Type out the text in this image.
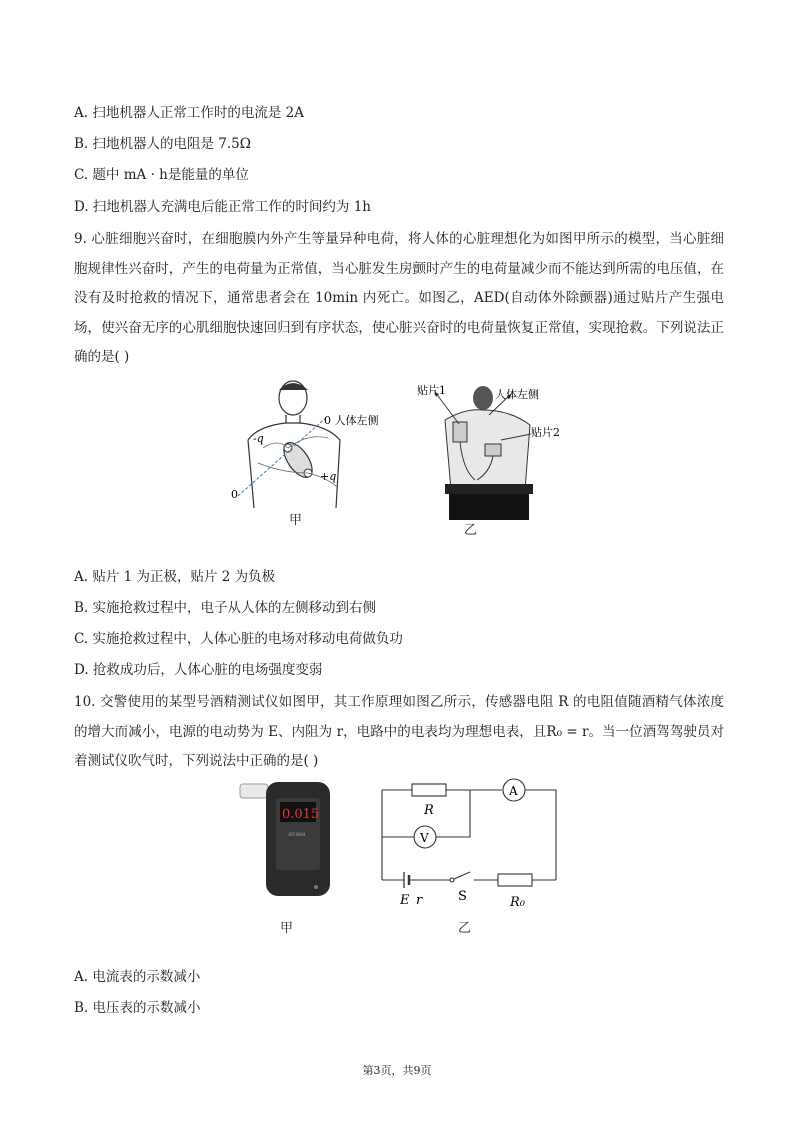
A. 扫地机器人正常工作时的电流是 2A
B. 扫地机器人的电阻是 7.5Ω
C. 题中 mA · h是能量的单位
D. 扫地机器人充满电后能正常工作的时间约为 1h
9. 心脏细胞兴奋时，在细胞膜内外产生等量异种电荷，将人体的心脏理想化为如图甲所示的模型，当心脏细胞规律性兴奋时，产生的电荷量为正常值，当心脏发生房颤时产生的电荷量减少而不能达到所需的电压值，在没有及时抢救的情况下，通常患者会在 10min 内死亡。如图乙，AED(自动体外除颤器)通过贴片产生强电场，使兴奋无序的心肌细胞快速回归到有序状态，使心脏兴奋时的电荷量恢复正常值，实现抢救。下列说法正确的是( )
0 人体左侧
0
-q
+q
甲
贴片1	人体左侧
贴片2
乙
A. 贴片 1 为正极，贴片 2 为负极
B. 实施抢救过程中，电子从人体的左侧移动到右侧
C. 实施抢救过程中，人体心脏的电场对移动电荷做负功
D. 抢救成功后，人体心脏的电场强度变弱
10. 交警使用的某型号酒精测试仪如图甲，其工作原理如图乙所示，传感器电阻 R 的电阻值随酒精气体浓度的增大而减小，电源的电动势为 E、内阻为 r，电路中的电表均为理想电表，且R₀ = r。当一位酒驾驾驶员对着测试仪吹气时，下列说法中正确的是( )
0.015
AT-808
甲
R
A
V
E r	S	R₀
乙
A. 电流表的示数减小
B. 电压表的示数减小
第3页，共9页
